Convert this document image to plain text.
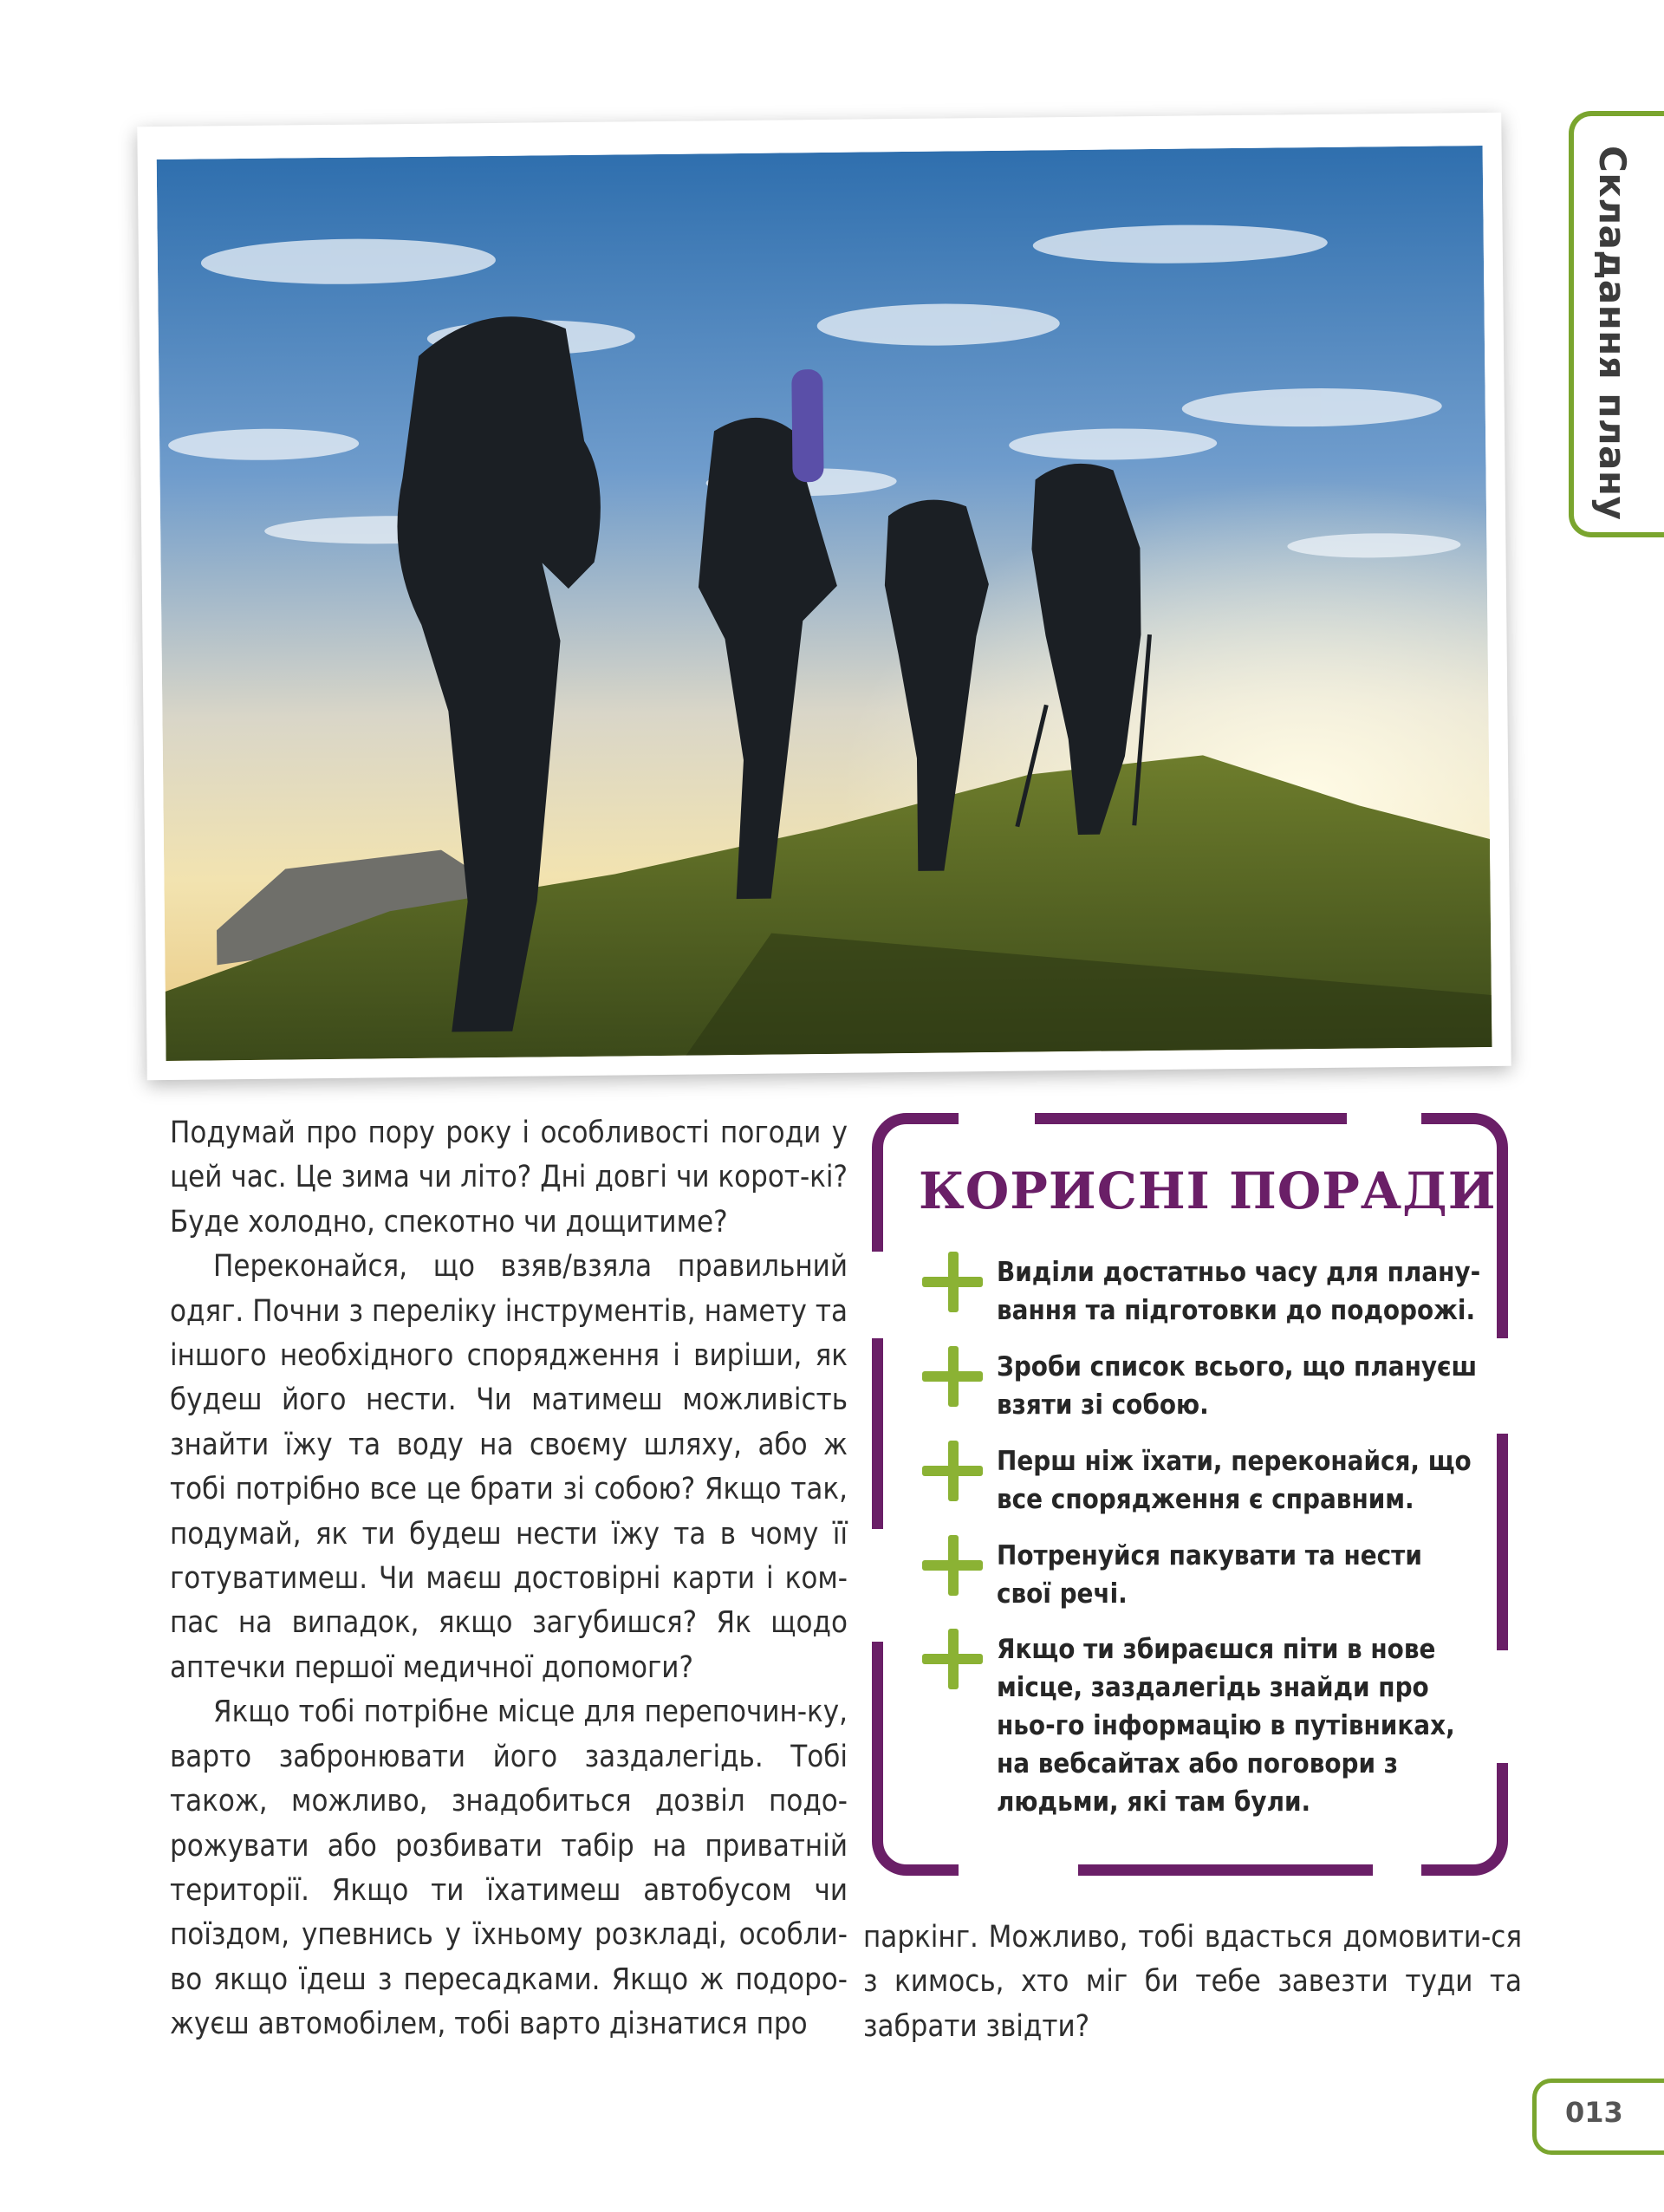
Складання плану

Подумай про пору року і особливості погоди у цей час. Це зима чи літо? Дні довгі чи корот-кі? Буде холодно, спекотно чи дощитиме?

Переконайся, що взяв/взяла правильний одяг. Почни з переліку інструментів, намету та іншого необхідного спорядження і виріши, як будеш його нести. Чи матимеш можливість знайти їжу та воду на своєму шляху, або ж тобі потрібно все це брати зі собою? Якщо так, подумай, як ти будеш нести їжу та в чому її готуватимеш. Чи маєш достовірні карти і ком-пас на випадок, якщо загубишся? Як щодо аптечки першої медичної допомоги?

Якщо тобі потрібне місце для перепочин-ку, варто забронювати його заздалегідь. Тобі також, можливо, знадобиться дозвіл подо-рожувати або розбивати табір на приватній території. Якщо ти їхатимеш автобусом чи поїздом, упевнись у їхньому розкладі, особли-во якщо їдеш з пересадками. Якщо ж подоро-жуєш автомобілем, тобі варто дізнатися про

паркінг. Можливо, тобі вдасться домовити-ся з кимось, хто міг би тебе завезти туди та забрати звідти?

КОРИСНІ ПОРАДИ
Виділи достатньо часу для плану-вання та підготовки до подорожі.
Зроби список всього, що плануєш взяти зі собою.
Перш ніж їхати, переконайся, що все спорядження є справним.
Потренуйся пакувати та нести свої речі.
Якщо ти збираєшся піти в нове місце, заздалегідь знайди про ньо-го інформацію в путівниках, на вебсайтах або поговори з людьми, які там були.
013
